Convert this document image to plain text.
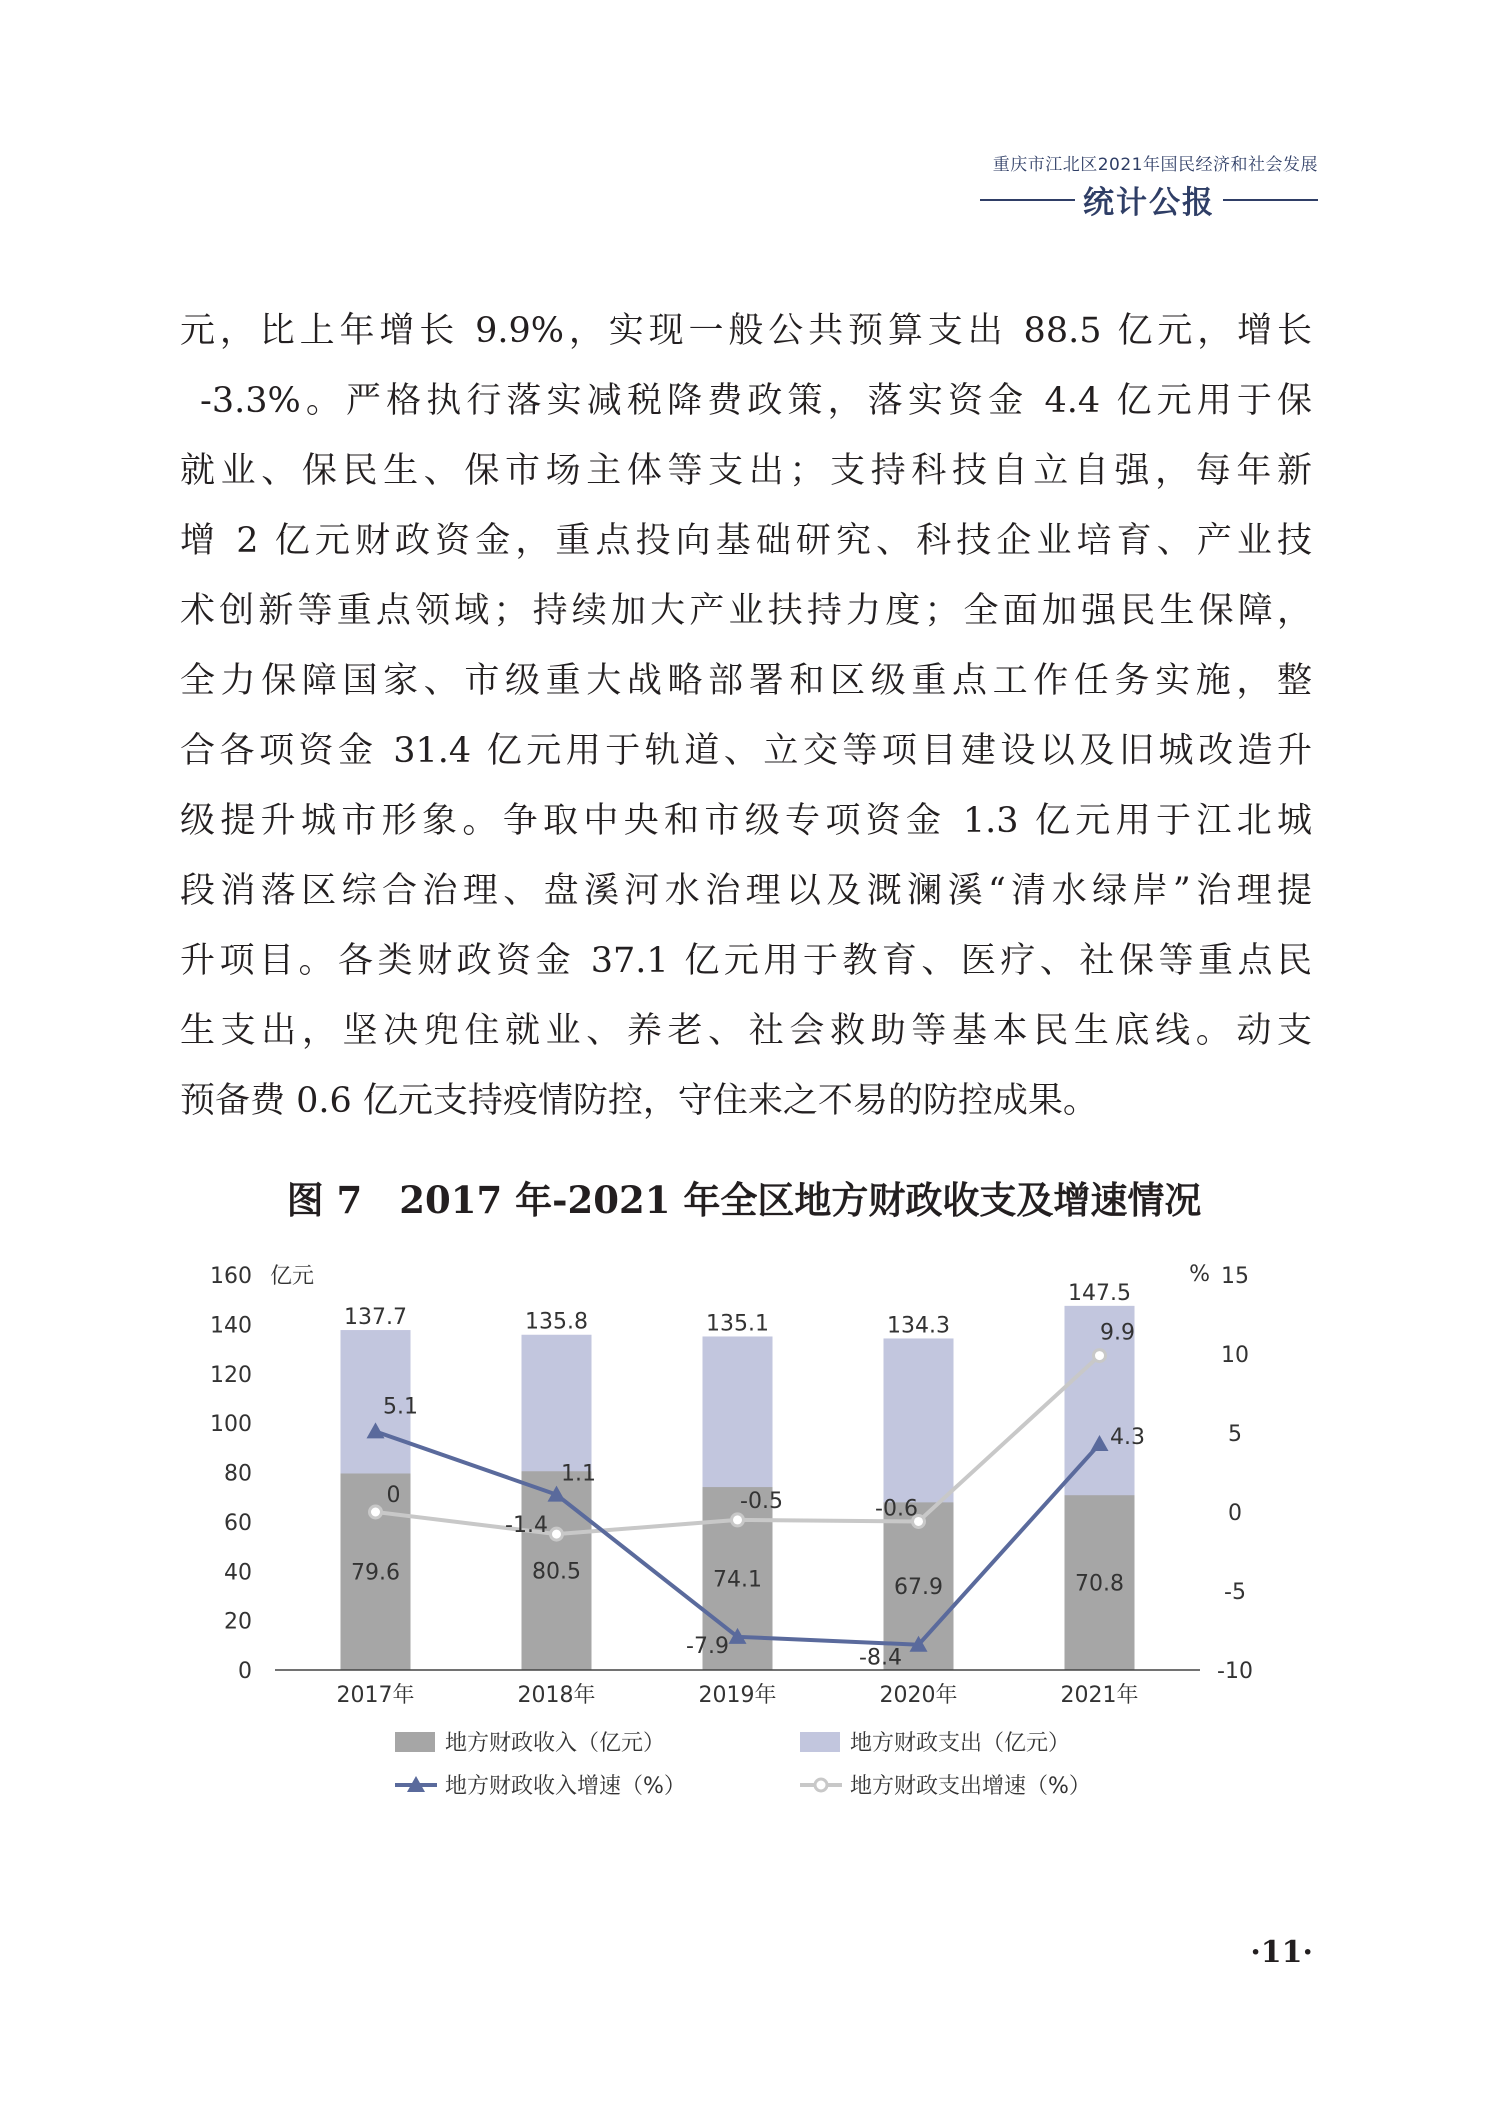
重庆市江北区2021年国民经济和社会发展
统计公报
元，比上年增长 9.9%，实现一般公共预算支出 88.5 亿元，增长
-3.3%。严格执行落实减税降费政策，落实资金 4.4 亿元用于保
就业、保民生、保市场主体等支出；支持科技自立自强，每年新
增 2 亿元财政资金，重点投向基础研究、科技企业培育、产业技
术创新等重点领域；持续加大产业扶持力度；全面加强民生保障，
全力保障国家、市级重大战略部署和区级重点工作任务实施，整
合各项资金 31.4 亿元用于轨道、立交等项目建设以及旧城改造升
级提升城市形象。争取中央和市级专项资金 1.3 亿元用于江北城
段消落区综合治理、盘溪河水治理以及溉澜溪“清水绿岸”治理提
升项目。各类财政资金 37.1 亿元用于教育、医疗、社保等重点民
生支出，坚决兜住就业、养老、社会救助等基本民生底线。动支
预备费 0.6 亿元支持疫情防控，守住来之不易的防控成果。
图 7　2017 年-2021 年全区地方财政收支及增速情况
0
20
40
60
80
100
120
140
160 亿元
-10
-5
0
5
10
15
%
137.7
79.6
2017年
135.8
80.5
2018年
135.1
74.1
2019年
134.3
67.9
2020年
147.5
70.8
2021年
5.1
1.1
-7.9	-8.4
4.3
0
-1.4
-0.5	-0.6
9.9
地方财政收入（亿元）	地方财政支出（亿元）
地方财政收入增速（%）	地方财政支出增速（%）
·11·
